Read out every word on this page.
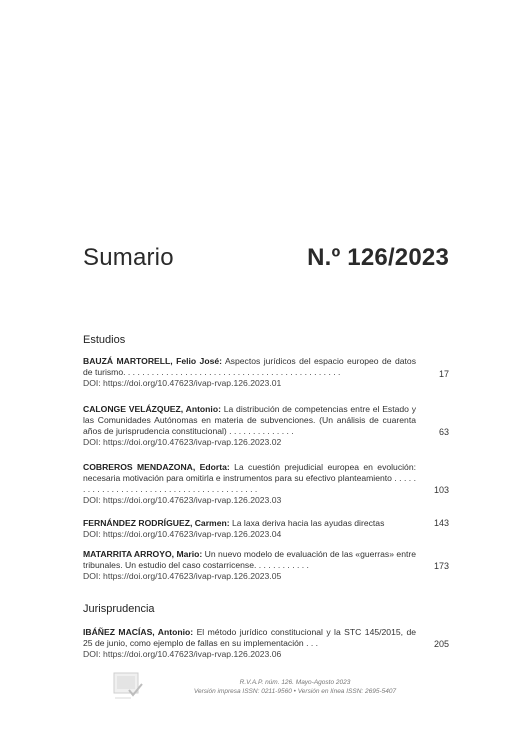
Sumario	N.º 126/2023
Estudios
BAUZÁ MARTORELL, Felio José: Aspectos jurídicos del espacio europeo de datos de turismo. . . . . . . . . . . . . . . . . . . . . . . . . . . . . . . . . . . . . . . . . . . . . .
DOI: https://doi.org/10.47623/ivap-rvap.126.2023.01
17
CALONGE VELÁZQUEZ, Antonio: La distribución de competencias entre el Estado y las Comunidades Autónomas en materia de subvenciones. (Un análisis de cuarenta años de jurisprudencia constitucional) . . . . . . . . . . . . . .
DOI: https://doi.org/10.47623/ivap-rvap.126.2023.02
63
COBREROS MENDAZONA, Edorta: La cuestión prejudicial europea en evolución: necesaria motivación para omitirla e instrumentos para su efectivo planteamiento . . . . . . . . . . . . . . . . . . . . . . . . . . . . . . . . . . . . . . . . . .
DOI: https://doi.org/10.47623/ivap-rvap.126.2023.03
103
FERNÁNDEZ RODRÍGUEZ, Carmen: La laxa deriva hacia las ayudas directas
DOI: https://doi.org/10.47623/ivap-rvap.126.2023.04
143
MATARRITA ARROYO, Mario: Un nuevo modelo de evaluación de las «guerras» entre tribunales. Un estudio del caso costarricense. . . . . . . . . . . .
DOI: https://doi.org/10.47623/ivap-rvap.126.2023.05
173
Jurisprudencia
IBÁÑEZ MACÍAS, Antonio: El método jurídico constitucional y la STC 145/2015, de 25 de junio, como ejemplo de fallas en su implementación . . .
DOI: https://doi.org/10.47623/ivap-rvap.126.2023.06
205
R.V.A.P. núm. 126. Mayo-Agosto 2023
Versión impresa ISSN: 0211-9560 • Versión en línea ISSN: 2695-5407
